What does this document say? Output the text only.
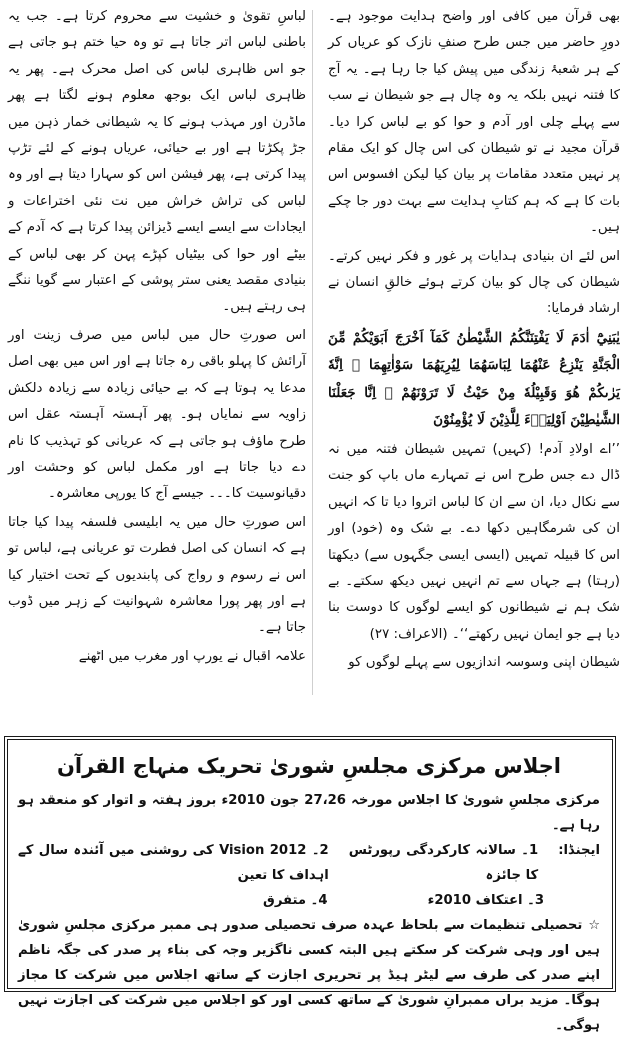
بھی قرآن میں کافی اور واضح ہدایت موجود ہے۔ دورِ حاضر میں جس طرح صنفِ نازک کو عریاں کر کے ہر شعبۂ زندگی میں پیش کیا جا رہا ہے۔ یہ آج کا فتنہ نہیں بلکہ یہ وہ چال ہے جو شیطان نے سب سے پہلے چلی اور آدم و حوا کو بے لباس کرا دیا۔ قرآن مجید نے تو شیطان کی اس چال کو ایک مقام پر نہیں متعدد مقامات پر بیان کیا لیکن افسوس اس بات کا ہے کہ ہم کتابِ ہدایت سے بہت دور جا چکے ہیں۔

اس لئے ان بنیادی ہدایات پر غور و فکر نہیں کرتے۔ شیطان کی چال کو بیان کرتے ہوئے خالقِ انسان نے ارشاد فرمایا:

يٰبَنِيْٓ اٰدَمَ لَا يَفْتِنَنَّكُمُ الشَّيْطٰنُ كَمَآ اَخْرَجَ اَبَوَيْكُمْ مِّنَ الْجَنَّةِ يَنْزِعُ عَنْهُمَا لِبَاسَهُمَا لِيُرِيَهُمَا سَوْاٰتِهِمَا ۭ اِنَّهٗ يَرٰىكُمْ هُوَ وَقَبِيْلُهٗ مِنْ حَيْثُ لَا تَرَوْنَهُمْ ۭ اِنَّا جَعَلْنَا الشَّيٰطِيْنَ اَوْلِيَاۗءَ لِلَّذِيْنَ لَا يُؤْمِنُوْنَ

’’اے اولادِ آدم! (کہیں) تمہیں شیطان فتنہ میں نہ ڈال دے جس طرح اس نے تمہارے ماں باپ کو جنت سے نکال دیا، ان سے ان کا لباس اتروا دیا تا کہ انہیں ان کی شرمگاہیں دکھا دے۔ بے شک وہ (خود) اور اس کا قبیلہ تمہیں (ایسی ایسی جگہوں سے) دیکھتا (رہتا) ہے جہاں سے تم انہیں نہیں دیکھ سکتے۔ بے شک ہم نے شیطانوں کو ایسے لوگوں کا دوست بنا دیا ہے جو ایمان نہیں رکھتے‘‘۔ (الاعراف: ۲۷)

شیطان اپنی وسوسہ اندازیوں سے پہلے لوگوں کو

لباسِ تقویٰ و خشیت سے محروم کرتا ہے۔ جب یہ باطنی لباس اتر جاتا ہے تو وہ حیا ختم ہو جاتی ہے جو اس ظاہری لباس کی اصل محرک ہے۔ پھر یہ ظاہری لباس ایک بوجھ معلوم ہونے لگتا ہے پھر ماڈرن اور مہذب ہونے کا یہ شیطانی خمار ذہن میں جڑ پکڑتا ہے اور بے حیائی، عریاں ہونے کے لئے تڑپ پیدا کرتی ہے، پھر فیشن اس کو سہارا دیتا ہے اور وہ لباس کی تراش خراش میں نت نئی اختراعات و ایجادات سے ایسے ایسے ڈیزائن پیدا کرتا ہے کہ آدم کے بیٹے اور حوا کی بیٹیاں کپڑے پہن کر بھی لباس کے بنیادی مقصد یعنی ستر پوشی کے اعتبار سے گویا ننگے ہی رہتے ہیں۔

اس صورتِ حال میں لباس میں صرف زینت اور آرائش کا پہلو باقی رہ جاتا ہے اور اس میں بھی اصل مدعا یہ ہوتا ہے کہ بے حیائی زیادہ سے زیادہ دلکش زاویہ سے نمایاں ہو۔ پھر آہستہ آہستہ عقل اس طرح ماؤف ہو جاتی ہے کہ عریانی کو تہذیب کا نام دے دیا جاتا ہے اور مکمل لباس کو وحشت اور دقیانوسیت کا۔۔۔ جیسے آج کا یورپی معاشرہ۔

اس صورتِ حال میں یہ ابلیسی فلسفہ پیدا کیا جاتا ہے کہ انسان کی اصل فطرت تو عریانی ہے، لباس تو اس نے رسوم و رواج کی پابندیوں کے تحت اختیار کیا ہے اور پھر پورا معاشرہ شہوانیت کے زہر میں ڈوب جاتا ہے۔

علامہ اقبال نے یورپ اور مغرب میں اٹھنے

اجلاس مرکزی مجلسِ شوریٰ تحریک منہاج القرآن

مرکزی مجلسِ شوریٰ کا اجلاس مورخہ 27،26 جون 2010ء بروز ہفتہ و اتوار کو منعقد ہو رہا ہے۔

ایجنڈا:
1۔ سالانہ کارکردگی رپورٹس کا جائزہ
2۔ Vision 2012 کی روشنی میں آئندہ سال کے اہداف کا تعین
3۔ اعتکاف 2010ء
4۔ متفرق

☆تحصیلی تنظیمات سے بلحاظ عہدہ صرف تحصیلی صدور ہی ممبر مرکزی مجلسِ شوریٰ ہیں اور وہی شرکت کر سکتے ہیں البتہ کسی ناگزیر وجہ کی بناء پر صدر کی جگہ ناظم اپنے صدر کی طرف سے لیٹر ہیڈ پر تحریری اجازت کے ساتھ اجلاس میں شرکت کا مجاز ہوگا۔ مزید براں ممبرانِ شوریٰ کے ساتھ کسی اور کو اجلاس میں شرکت کی اجازت نہیں ہوگی۔
